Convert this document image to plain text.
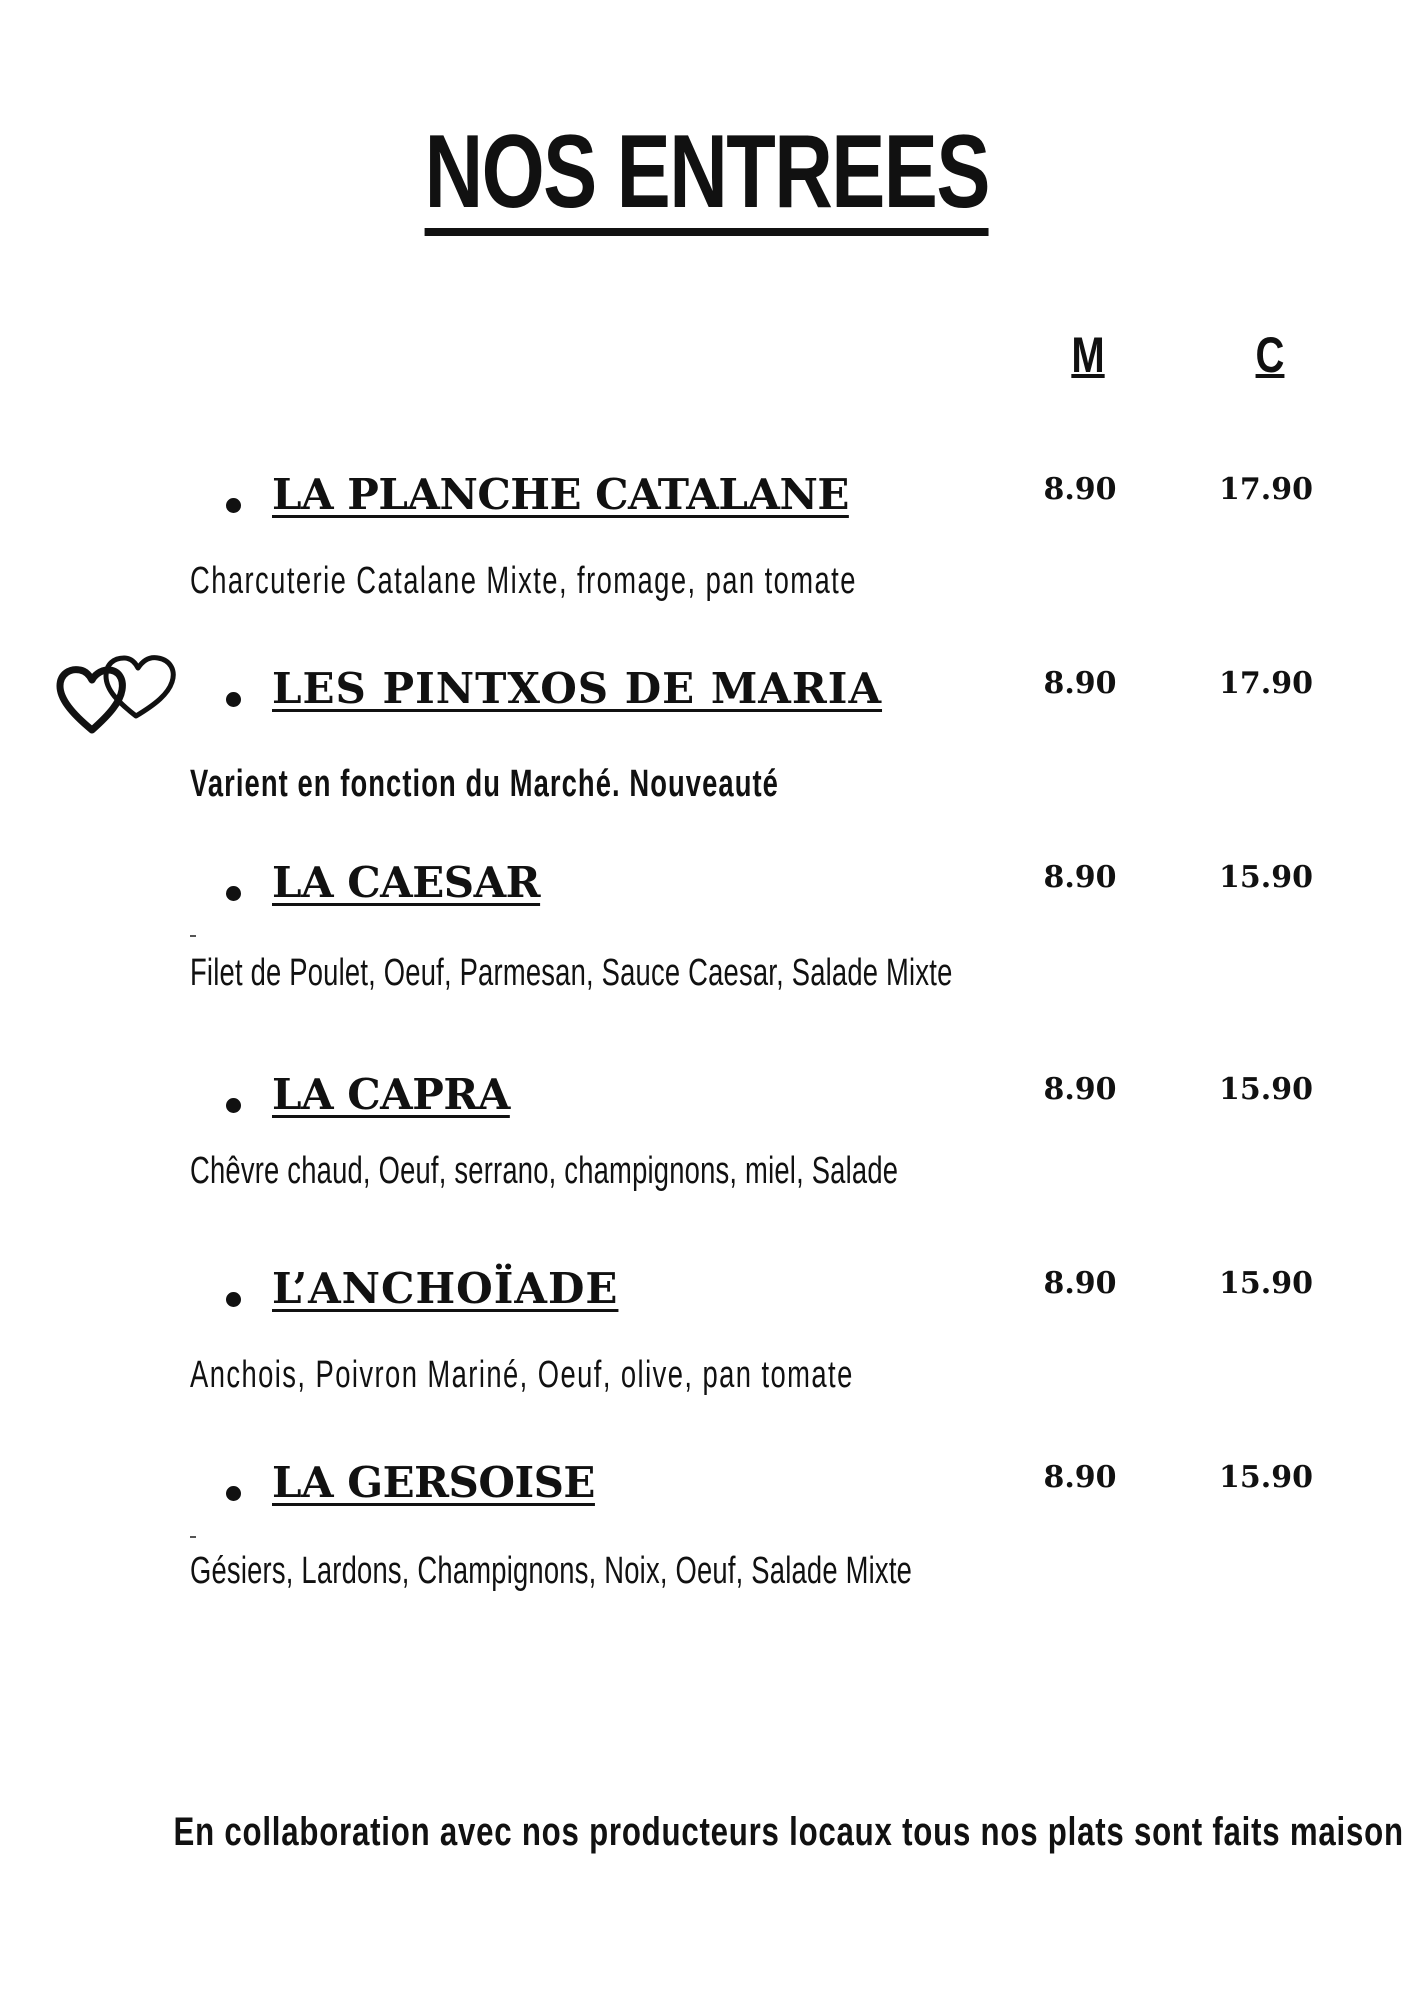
NOS ENTREES
M	C
LA PLANCHE CATALANE	8.90	17.90
Charcuterie Catalane Mixte, fromage, pan tomate
LES PINTXOS DE MARIA	8.90	17.90
Varient en fonction du Marché. Nouveauté
LA CAESAR	8.90	15.90
Filet de Poulet, Oeuf, Parmesan, Sauce Caesar, Salade Mixte
LA CAPRA	8.90	15.90
Chêvre chaud, Oeuf, serrano, champignons, miel, Salade
L’ANCHOÏADE	8.90	15.90
Anchois, Poivron Mariné, Oeuf, olive, pan tomate
LA GERSOISE	8.90	15.90
Gésiers, Lardons, Champignons, Noix, Oeuf, Salade Mixte
En collaboration avec nos producteurs locaux tous nos plats sont faits maison
